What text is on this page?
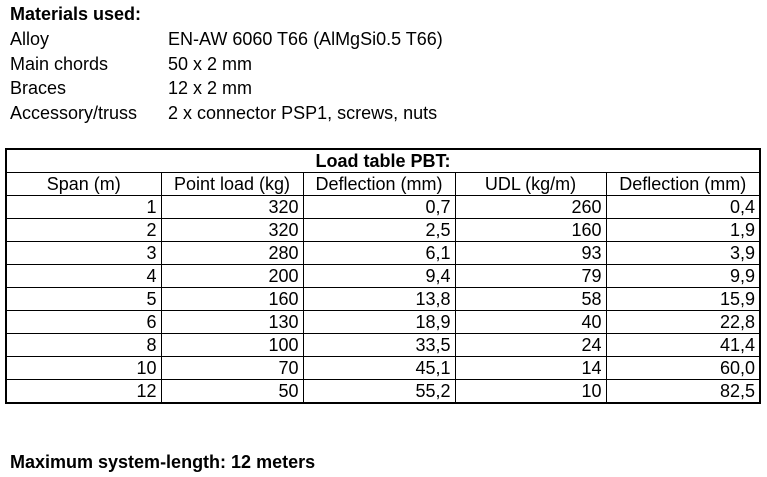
Materials used:
Alloy	EN-AW 6060 T66 (AlMgSi0.5 T66)
Main chords	50 x 2 mm
Braces	12 x 2 mm
Accessory/truss	2 x connector PSP1, screws, nuts
Load table PBT:				
Span (m)	Point load (kg)	Deflection (mm)	UDL (kg/m)	Deflection (mm)
1	320	0,7	260	0,4
2	320	2,5	160	1,9
3	280	6,1	93	3,9
4	200	9,4	79	9,9
5	160	13,8	58	15,9
6	130	18,9	40	22,8
8	100	33,5	24	41,4
10	70	45,1	14	60,0
12	50	55,2	10	82,5
Maximum system-length: 12 meters
